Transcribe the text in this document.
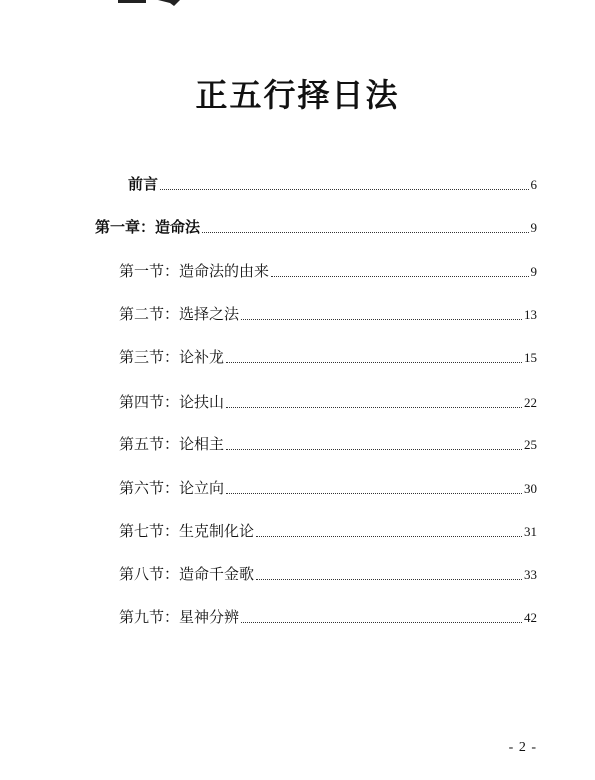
正五行择日法
前言	6
第一章：造命法	9
第一节：造命法的由来	9
第二节：选择之法	13
第三节：论补龙	15
第四节：论扶山	22
第五节：论相主	25
第六节：论立向	30
第七节：生克制化论	31
第八节：造命千金歌	33
第九节：星神分辨	42
- 2 -
